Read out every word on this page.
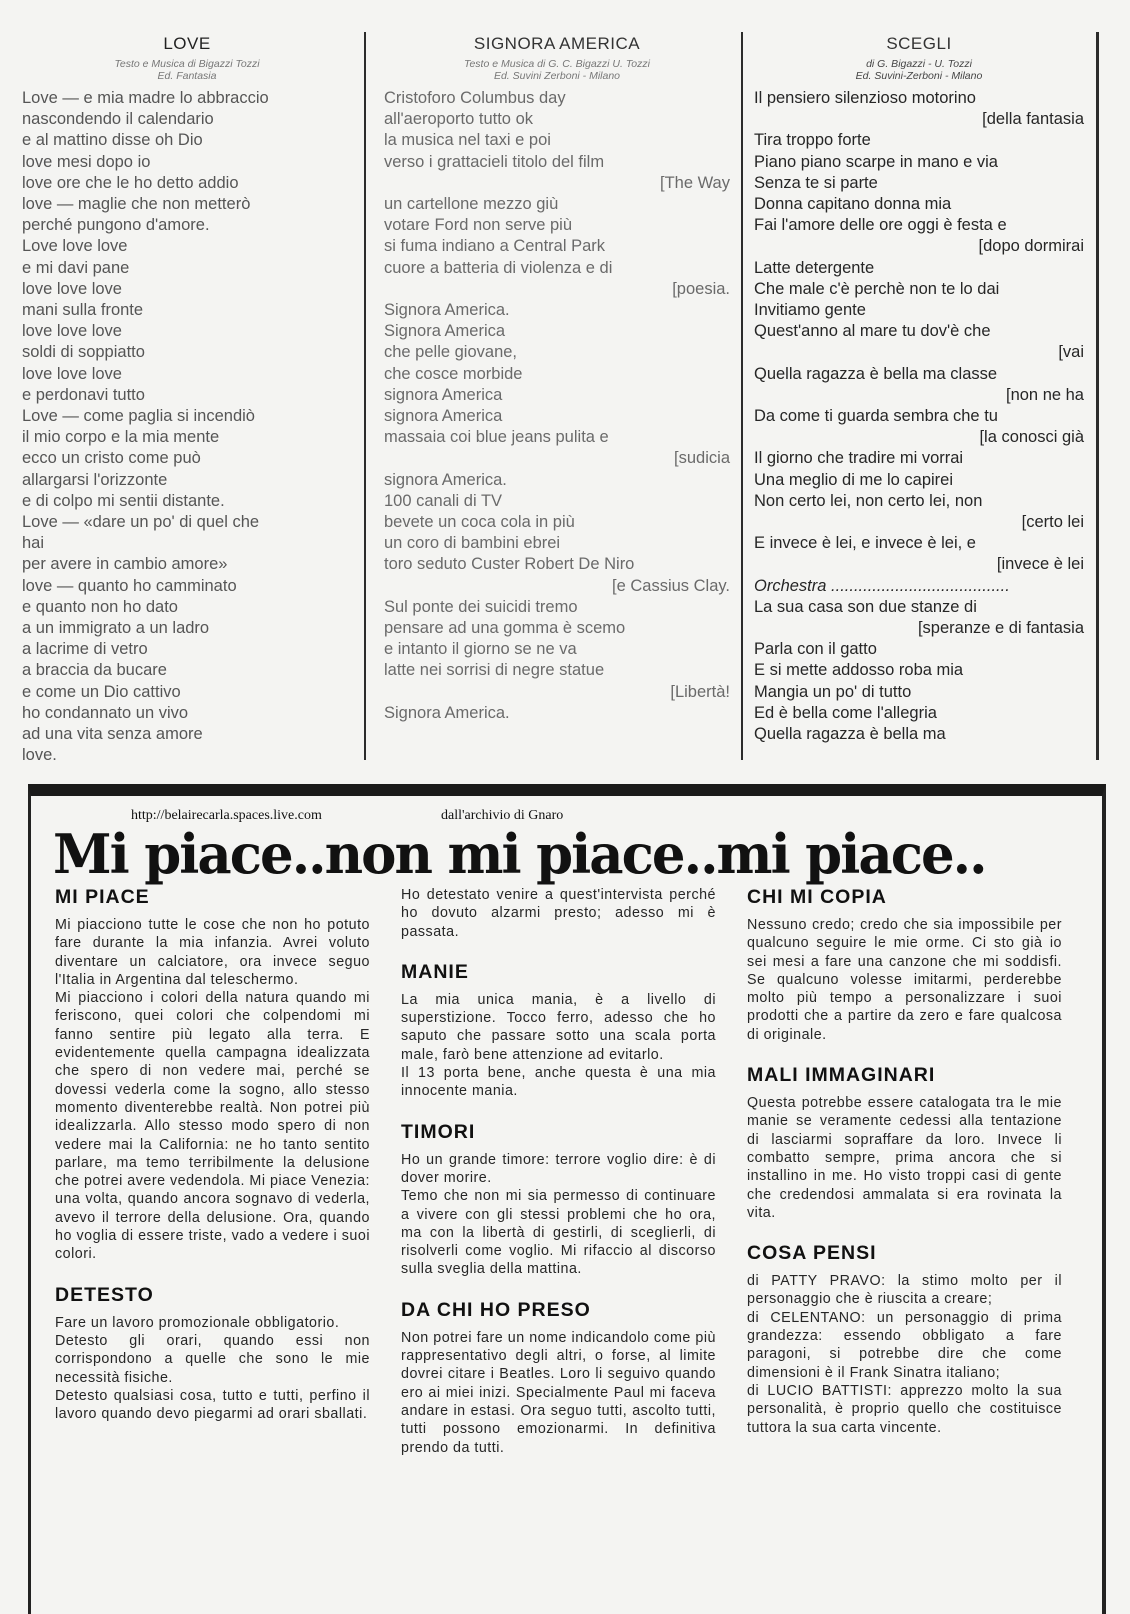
LOVE
Testo e Musica di Bigazzi Tozzi
Ed. Fantasia
Love — e mia madre lo abbraccio
nascondendo il calendario
e al mattino disse oh Dio
love mesi dopo io
love ore che le ho detto addio
love — maglie che non metterò
perché pungono d'amore.
Love love love
e mi davi pane
love love love
mani sulla fronte
love love love
soldi di soppiatto
love love love
e perdonavi tutto
Love — come paglia si incendiò
il mio corpo e la mia mente
ecco un cristo come può
allargarsi l'orizzonte
e di colpo mi sentii distante.
Love — «dare un po' di quel che
hai
per avere in cambio amore»
love — quanto ho camminato
e quanto non ho dato
a un immigrato a un ladro
a lacrime di vetro
a braccia da bucare
e come un Dio cattivo
ho condannato un vivo
ad una vita senza amore
love.
SIGNORA AMERICA
Testo e Musica di G. C. Bigazzi U. Tozzi
Ed. Suvini Zerboni - Milano
Cristoforo Columbus day
all'aeroporto tutto ok
la musica nel taxi e poi
verso i grattacieli titolo del film
[The Way
un cartellone mezzo giù
votare Ford non serve più
si fuma indiano a Central Park
cuore a batteria di violenza e di
[poesia.
Signora America.
Signora America
che pelle giovane,
che cosce morbide
signora America
signora America
massaia coi blue jeans pulita e
[sudicia
signora America.
100 canali di TV
bevete un coca cola in più
un coro di bambini ebrei
toro seduto Custer Robert De Niro
[e Cassius Clay.
Sul ponte dei suicidi tremo
pensare ad una gomma è scemo
e intanto il giorno se ne va
latte nei sorrisi di negre statue
[Libertà!
Signora America.
SCEGLI
di G. Bigazzi - U. Tozzi
Ed. Suvini-Zerboni - Milano
Il pensiero silenzioso motorino
[della fantasia
Tira troppo forte
Piano piano scarpe in mano e via
Senza te si parte
Donna capitano donna mia
Fai l'amore delle ore oggi è festa e
[dopo dormirai
Latte detergente
Che male c'è perchè non te lo dai
Invitiamo gente
Quest'anno al mare tu dov'è che
[vai
Quella ragazza è bella ma classe
[non ne ha
Da come ti guarda sembra che tu
[la conosci già
Il giorno che tradire mi vorrai
Una meglio di me lo capirei
Non certo lei, non certo lei, non
[certo lei
E invece è lei, e invece è lei, e
[invece è lei
Orchestra .......................................
La sua casa son due stanze di
[speranze e di fantasia
Parla con il gatto
E si mette addosso roba mia
Mangia un po' di tutto
Ed è bella come l'allegria
Quella ragazza è bella ma
http://belairecarla.spaces.live.com	dall'archivio di Gnaro
Mi piace..non mi piace..mi piace..
MI PIACE

Mi piacciono tutte le cose che non ho potuto fare durante la mia infanzia. Avrei voluto diventare un calciatore, ora invece seguo l'Italia in Argentina dal teleschermo.

Mi piacciono i colori della natura quando mi feriscono, quei colori che colpendomi mi fanno sentire più legato alla terra. E evidentemente quella campagna idealizzata che spero di non vedere mai, perché se dovessi vederla come la sogno, allo stesso momento diventerebbe realtà. Non potrei più idealizzarla. Allo stesso modo spero di non vedere mai la California: ne ho tanto sentito parlare, ma temo terribilmente la delusione che potrei avere vedendola. Mi piace Venezia: una volta, quando ancora sognavo di vederla, avevo il terrore della delusione. Ora, quando ho voglia di essere triste, vado a vedere i suoi colori.

DETESTO

Fare un lavoro promozionale obbligatorio.

Detesto gli orari, quando essi non corrispondono a quelle che sono le mie necessità fisiche.

Detesto qualsiasi cosa, tutto e tutti, perfino il lavoro quando devo piegarmi ad orari sballati.

Ho detestato venire a quest'intervista perché ho dovuto alzarmi presto; adesso mi è passata.

MANIE

La mia unica mania, è a livello di superstizione. Tocco ferro, adesso che ho saputo che passare sotto una scala porta male, farò bene attenzione ad evitarlo.

Il 13 porta bene, anche questa è una mia innocente mania.

TIMORI

Ho un grande timore: terrore voglio dire: è di dover morire.

Temo che non mi sia permesso di continuare a vivere con gli stessi problemi che ho ora, ma con la libertà di gestirli, di sceglierli, di risolverli come voglio. Mi rifaccio al discorso sulla sveglia della mattina.

DA CHI HO PRESO

Non potrei fare un nome indicandolo come più rappresentativo degli altri, o forse, al limite dovrei citare i Beatles. Loro li seguivo quando ero ai miei inizi. Specialmente Paul mi faceva andare in estasi. Ora seguo tutti, ascolto tutti, tutti possono emozionarmi. In definitiva prendo da tutti.

CHI MI COPIA

Nessuno credo; credo che sia impossibile per qualcuno seguire le mie orme. Ci sto già io sei mesi a fare una canzone che mi soddisfi. Se qualcuno volesse imitarmi, perderebbe molto più tempo a personalizzare i suoi prodotti che a partire da zero e fare qualcosa di originale.

MALI IMMAGINARI

Questa potrebbe essere catalogata tra le mie manie se veramente cedessi alla tentazione di lasciarmi sopraffare da loro. Invece li combatto sempre, prima ancora che si installino in me. Ho visto troppi casi di gente che credendosi ammalata si era rovinata la vita.

COSA PENSI

di PATTY PRAVO: la stimo molto per il personaggio che è riuscita a creare;

di CELENTANO: un personaggio di prima grandezza: essendo obbligato a fare paragoni, si potrebbe dire che come dimensioni è il Frank Sinatra italiano;

di LUCIO BATTISTI: apprezzo molto la sua personalità, è proprio quello che costituisce tuttora la sua carta vincente.
